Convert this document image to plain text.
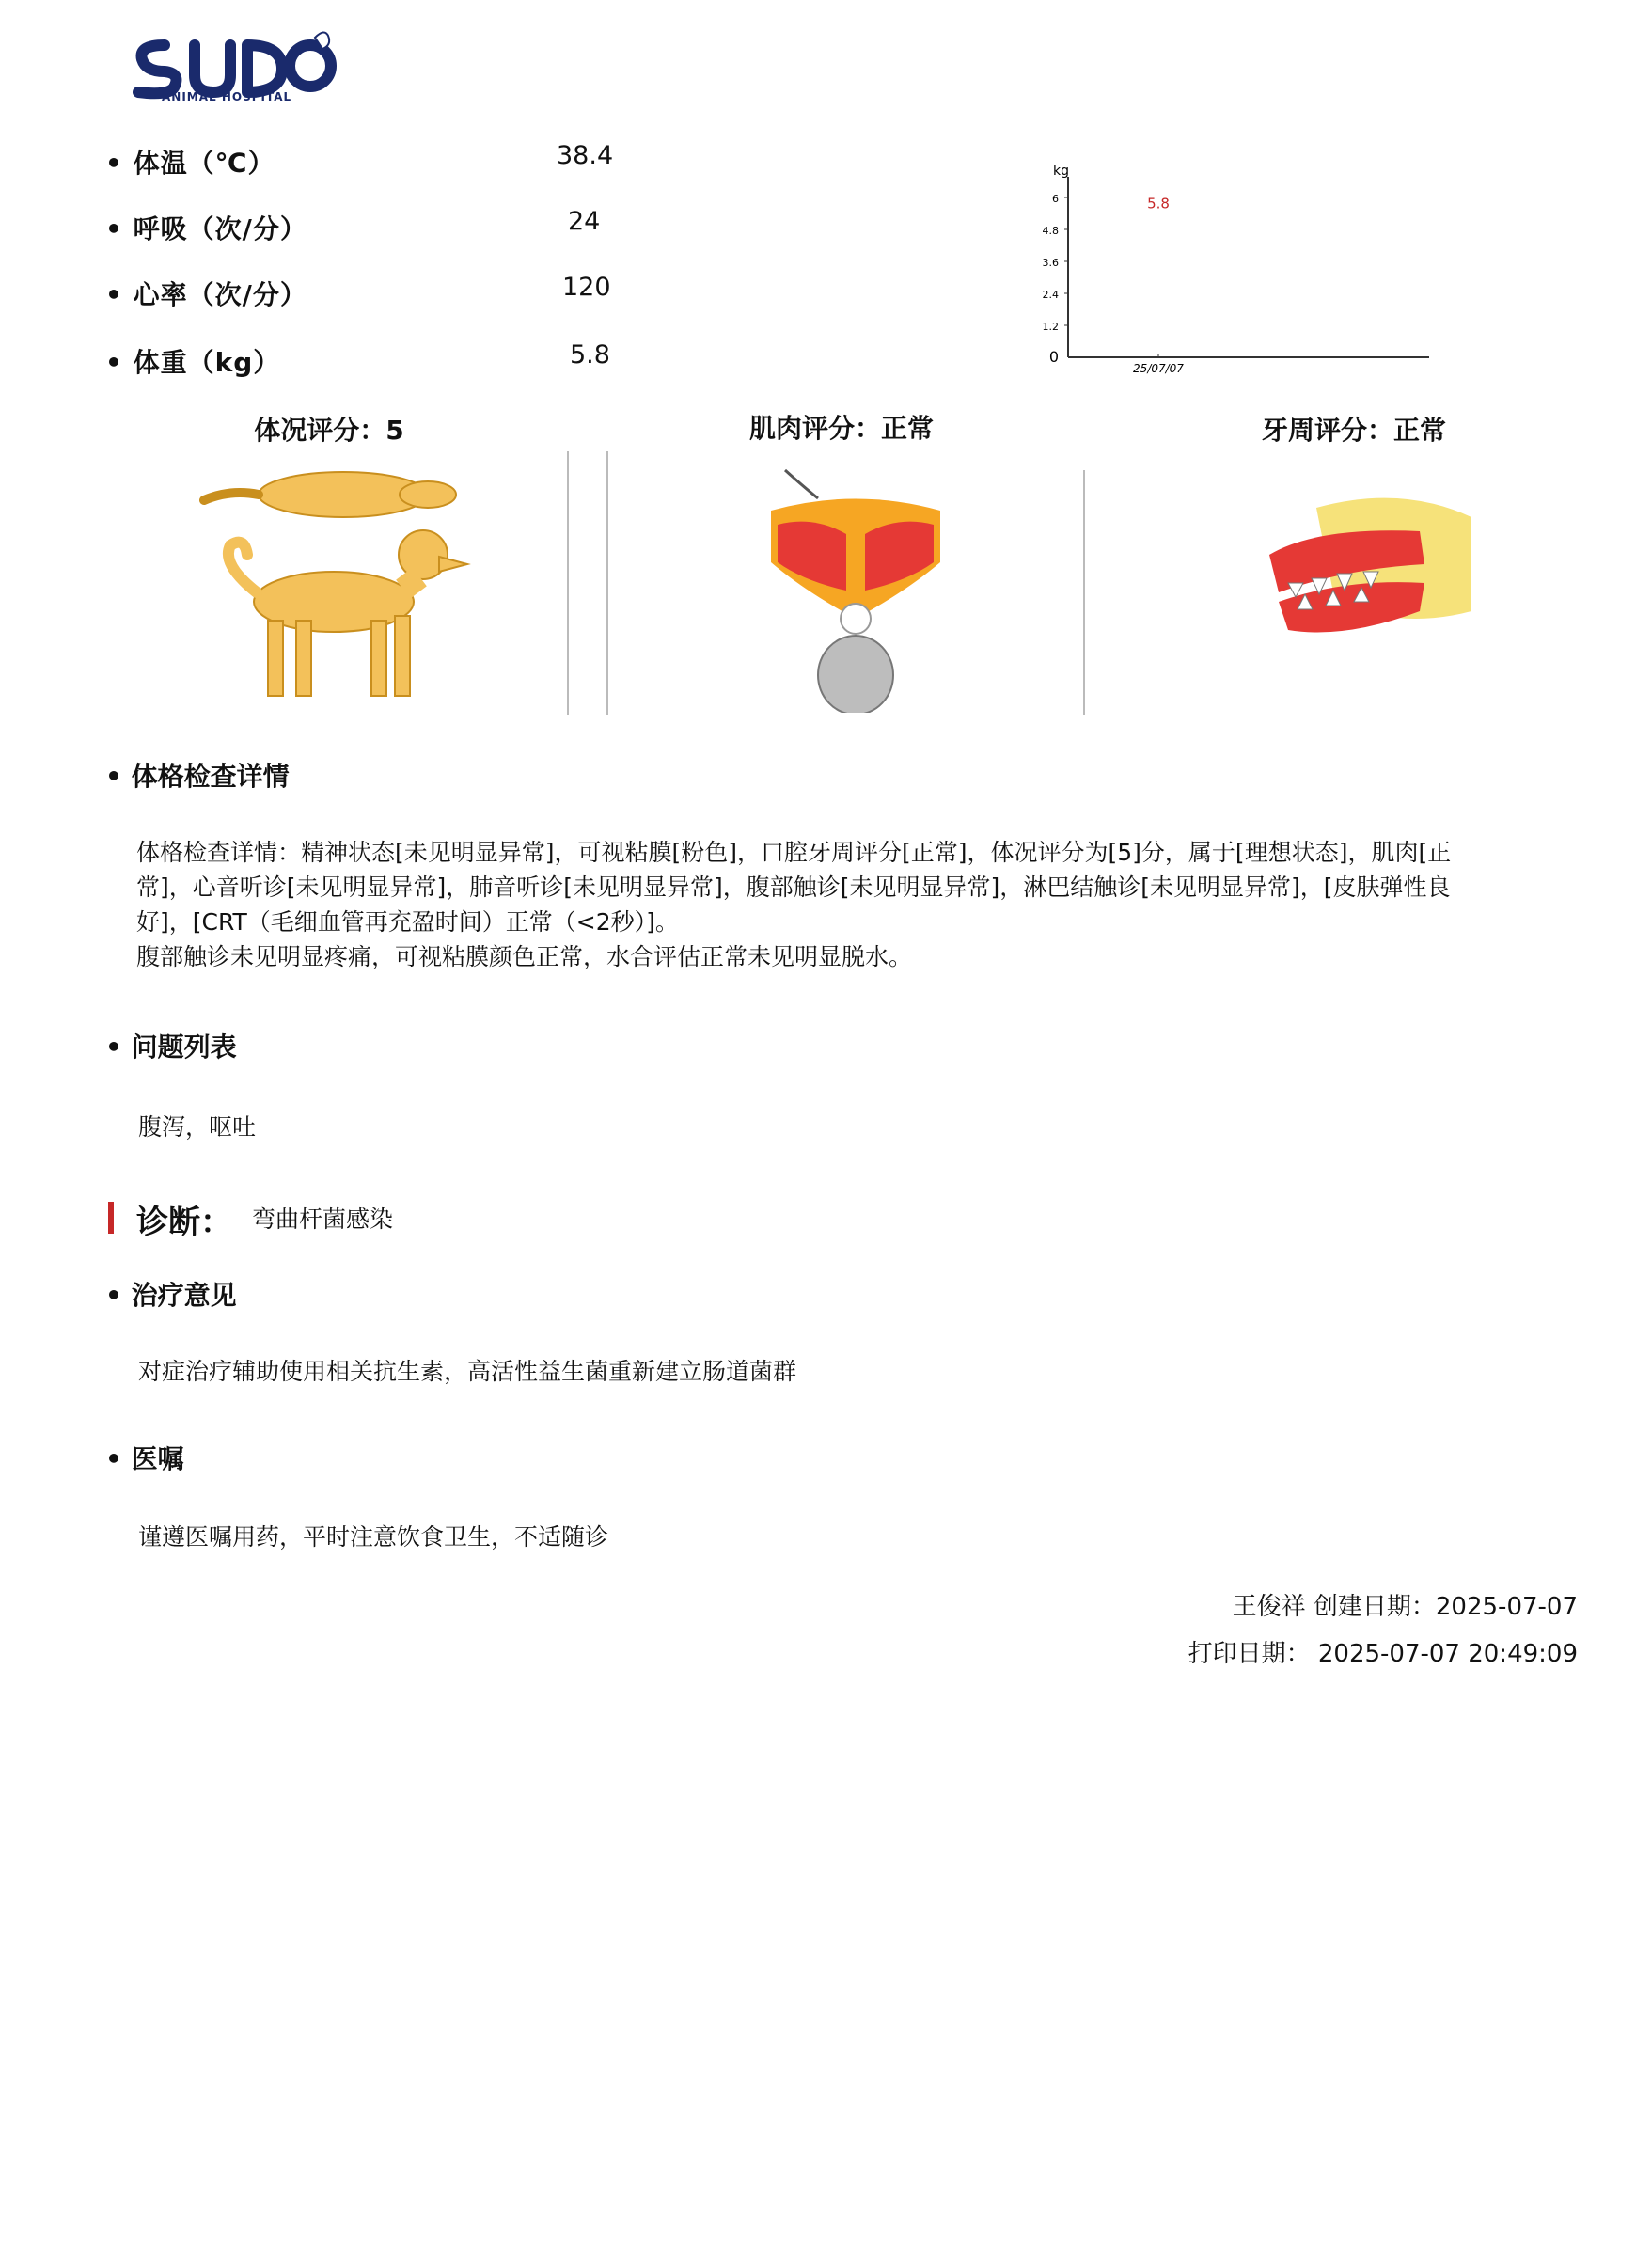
ANIMAL HOSPITAL
• 体温（℃）	38.4
• 呼吸（次/分）	24
• 心率（次/分）	120
• 体重（kg）	5.8
kg
0
1.2
2.4
3.6
4.8
6	5.8
25/07/07
体况评分：5	肌肉评分：正常	牙周评分：正常
• 体格检查详情
体格检查详情：精神状态[未见明显异常]，可视粘膜[粉色]，口腔牙周评分[正常]，体况评分为[5]分，属于[理想状态]，肌肉[正
常]，心音听诊[未见明显异常]，肺音听诊[未见明显异常]，腹部触诊[未见明显异常]，淋巴结触诊[未见明显异常]，[皮肤弹性良
好]，[CRT（毛细血管再充盈时间）正常（<2秒）]。
腹部触诊未见明显疼痛，可视粘膜颜色正常，水合评估正常未见明显脱水。
• 问题列表
腹泻，呕吐
诊断： 弯曲杆菌感染
• 治疗意见
对症治疗辅助使用相关抗生素，高活性益生菌重新建立肠道菌群
• 医嘱
谨遵医嘱用药，平时注意饮食卫生，不适随诊
王俊祥 创建日期：2025-07-07
打印日期： 2025-07-07 20:49:09
